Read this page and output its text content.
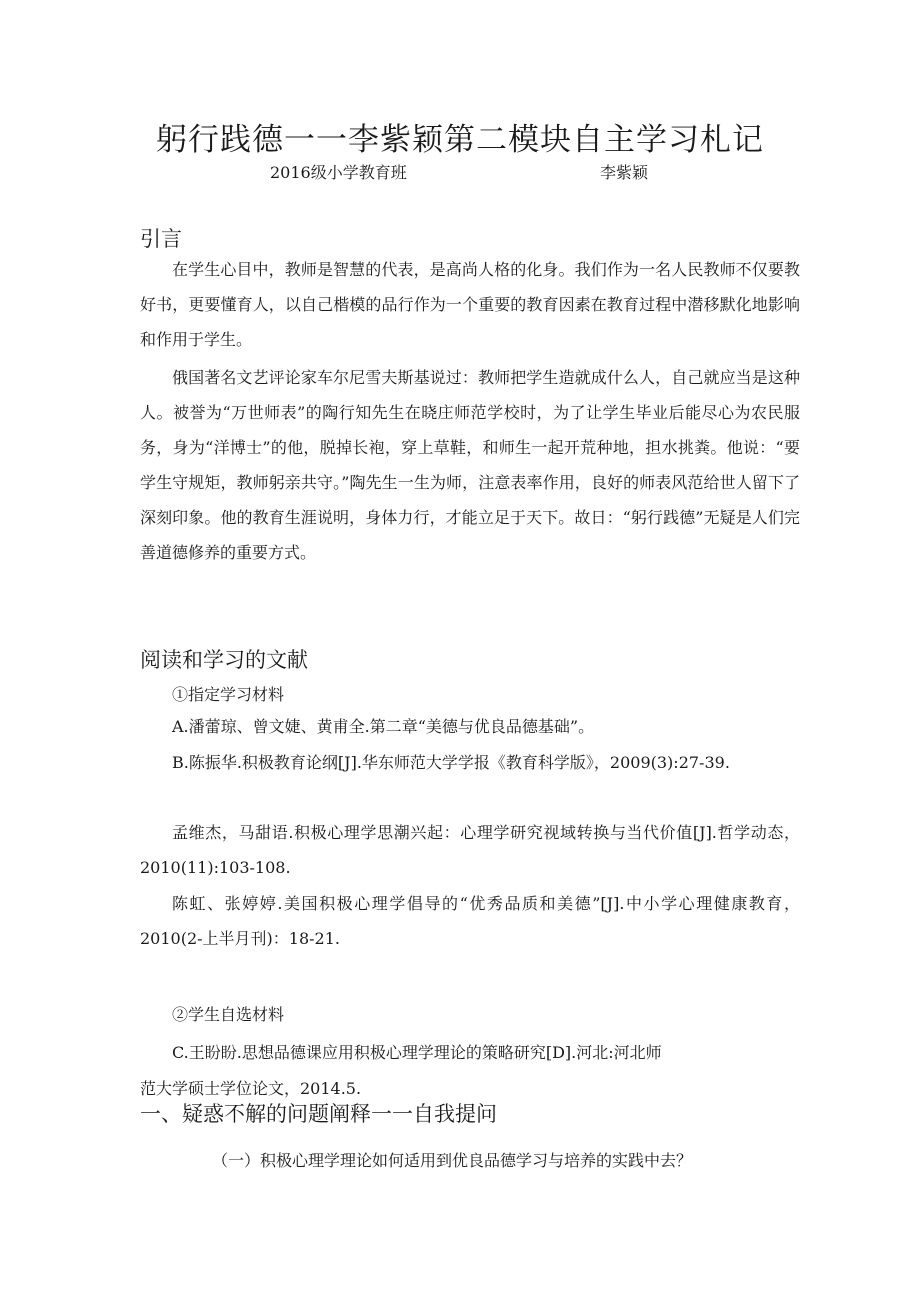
躬行践德一一李紫颖第二模块自主学习札记
2016级小学教育班	李紫颖
引言

在学生心目中，教师是智慧的代表，是高尚人格的化身。我们作为一名人民教师不仅要教好书，更要懂育人，以自己楷模的品行作为一个重要的教育因素在教育过程中潜移默化地影响和作用于学生。

俄国著名文艺评论家车尔尼雪夫斯基说过：教师把学生造就成什么人，自己就应当是这种人。被誉为“万世师表”的陶行知先生在晓庄师范学校时，为了让学生毕业后能尽心为农民服务，身为“洋博士”的他，脱掉长袍，穿上草鞋，和师生一起开荒种地，担水挑粪。他说：“要学生守规矩，教师躬亲共守。”陶先生一生为师，注意表率作用，良好的师表风范给世人留下了深刻印象。他的教育生涯说明，身体力行，才能立足于天下。故日：“躬行践德”无疑是人们完善道德修养的重要方式。

阅读和学习的文献
①指定学习材料

A.潘蕾琼、曾文婕、黄甫全.第二章“美德与优良品德基础”。

B.陈振华.积极教育论纲[J].华东师范大学学报《教育科学版》，2009(3):27-39.

孟维杰，马甜语.积极心理学思潮兴起：心理学研究视域转换与当代价值[J].哲学动态，2010(11):103-108.

陈虹、张婷婷.美国积极心理学倡导的“优秀品质和美德”[J].中小学心理健康教育，2010(2-上半月刊)：18-21.

②学生自选材料
C.王盼盼.思想品德课应用积极心理学理论的策略研究[D].河北:河北师
范大学硕士学位论文，2014.5.
一、疑惑不解的问题阐释一一自我提问
（一）积极心理学理论如何适用到优良品德学习与培养的实践中去？
